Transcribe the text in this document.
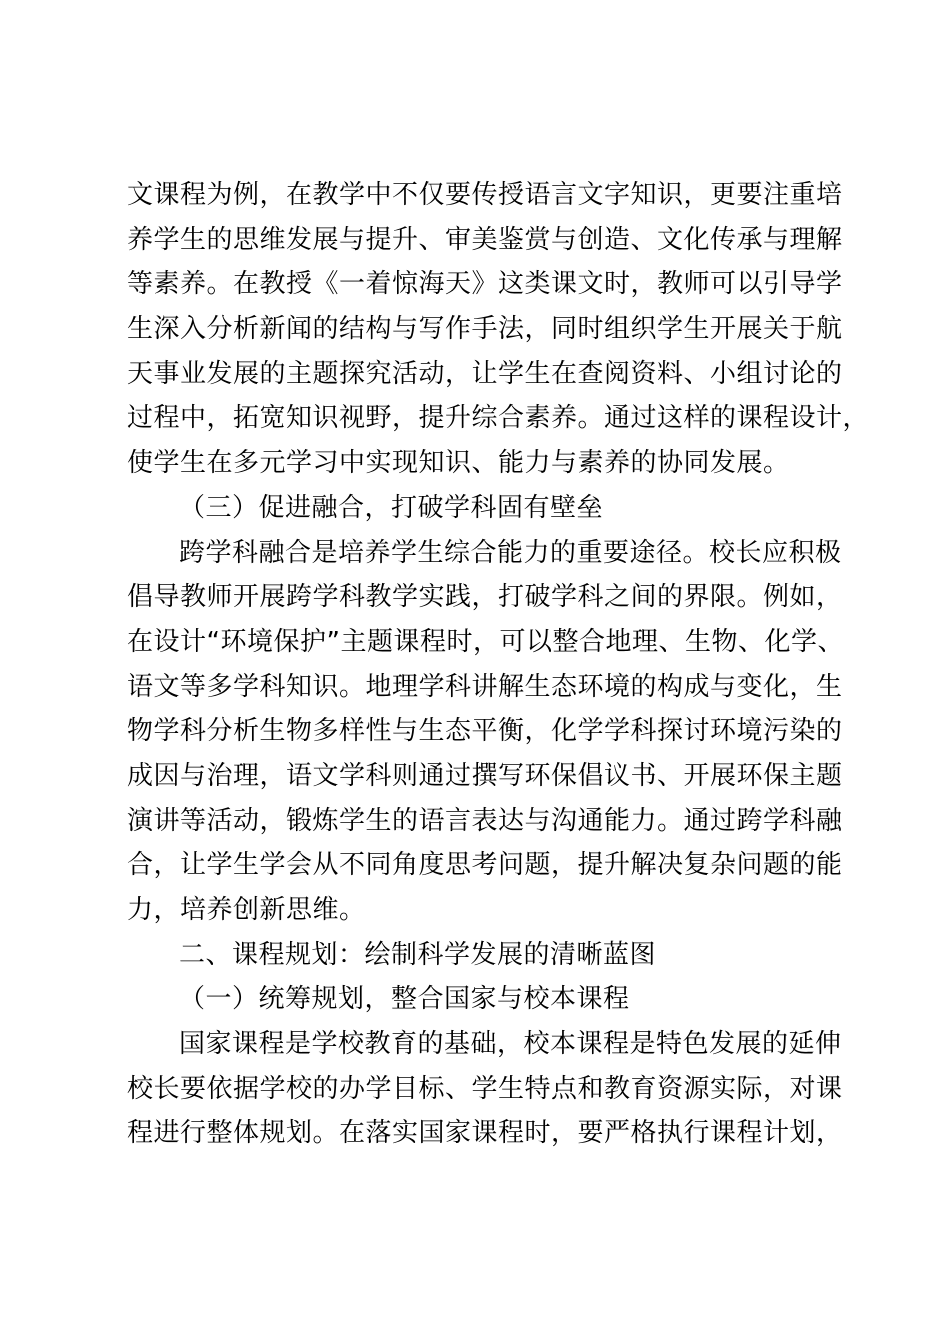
文课程为例，在教学中不仅要传授语言文字知识，更要注重培
养学生的思维发展与提升、审美鉴赏与创造、文化传承与理解
等素养。在教授《一着惊海天》这类课文时，教师可以引导学
生深入分析新闻的结构与写作手法，同时组织学生开展关于航
天事业发展的主题探究活动，让学生在查阅资料、小组讨论的
过程中，拓宽知识视野，提升综合素养。通过这样的课程设计，
使学生在多元学习中实现知识、能力与素养的协同发展。
（三）促进融合，打破学科固有壁垒
跨学科融合是培养学生综合能力的重要途径。校长应积极
倡导教师开展跨学科教学实践，打破学科之间的界限。例如，
在设计“环境保护”主题课程时，可以整合地理、生物、化学、
语文等多学科知识。地理学科讲解生态环境的构成与变化，生
物学科分析生物多样性与生态平衡，化学学科探讨环境污染的
成因与治理，语文学科则通过撰写环保倡议书、开展环保主题
演讲等活动，锻炼学生的语言表达与沟通能力。通过跨学科融
合，让学生学会从不同角度思考问题，提升解决复杂问题的能
力，培养创新思维。
二、课程规划：绘制科学发展的清晰蓝图
（一）统筹规划，整合国家与校本课程
国家课程是学校教育的基础，校本课程是特色发展的延伸
校长要依据学校的办学目标、学生特点和教育资源实际，对课
程进行整体规划。在落实国家课程时，要严格执行课程计划，
